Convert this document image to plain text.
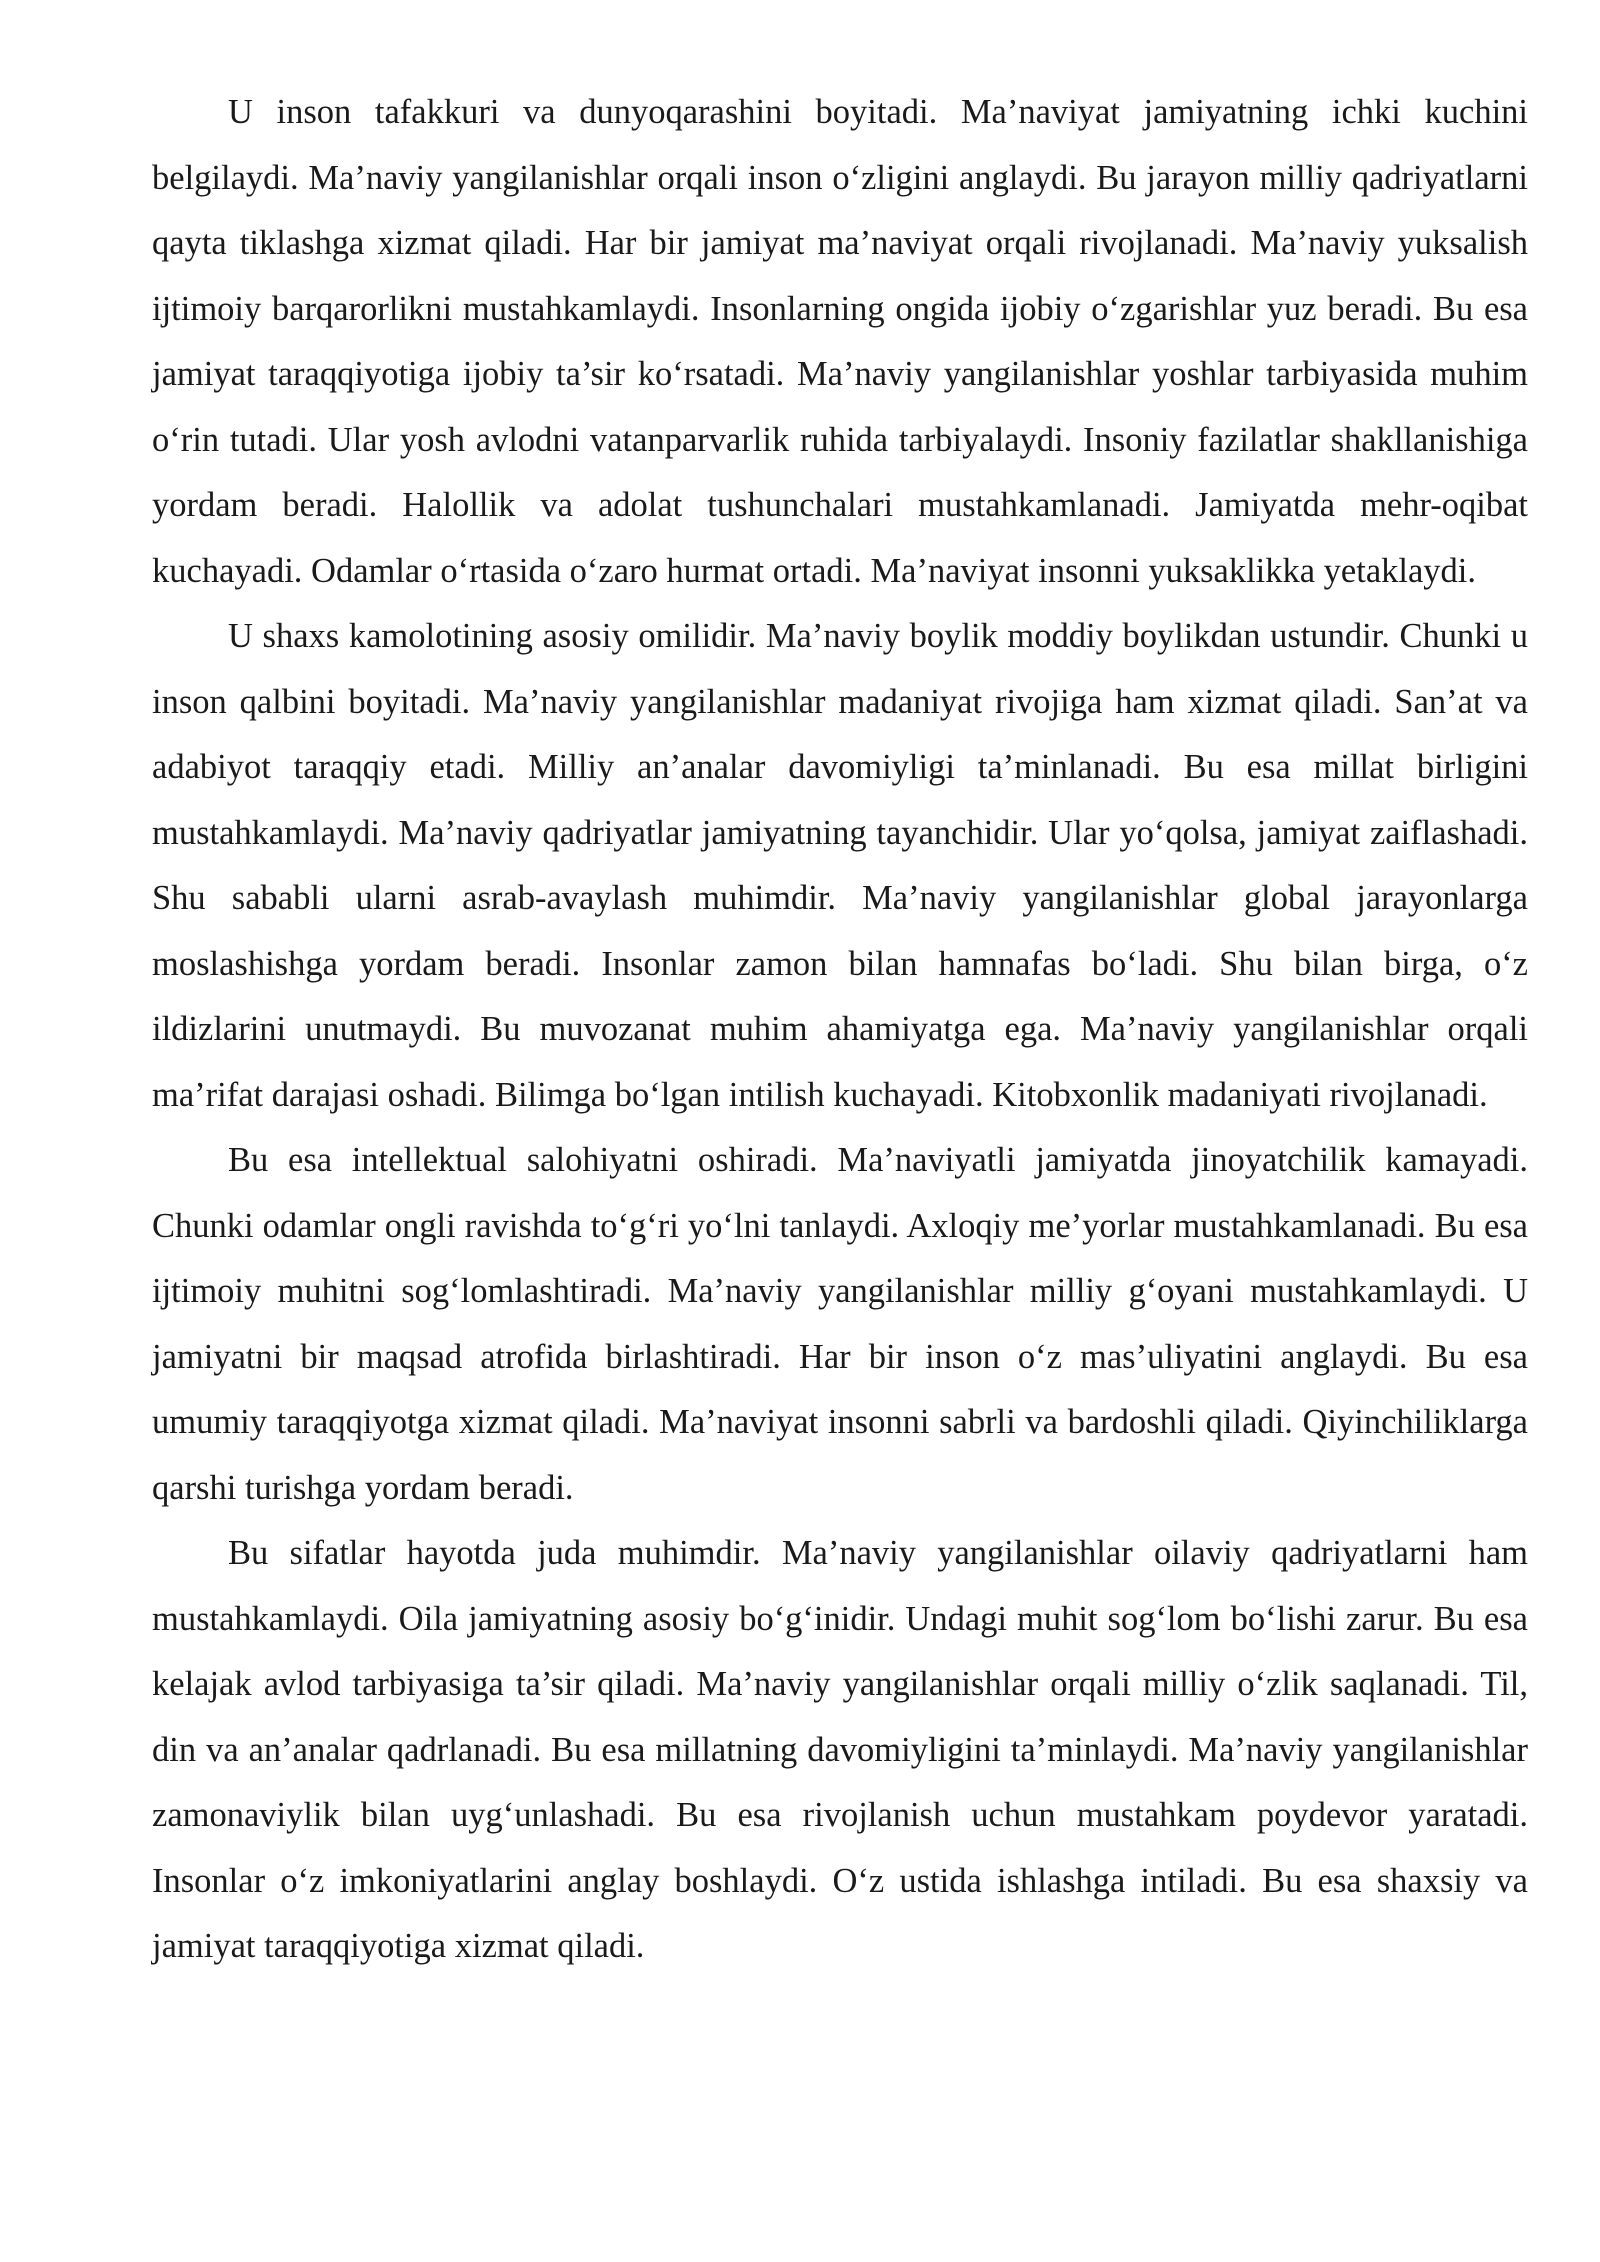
U inson tafakkuri va dunyoqarashini boyitadi. Ma’naviyat jamiyatning ichki kuchini belgilaydi. Ma’naviy yangilanishlar orqali inson o‘zligini anglaydi. Bu jarayon milliy qadriyatlarni qayta tiklashga xizmat qiladi. Har bir jamiyat ma’naviyat orqali rivojlanadi. Ma’naviy yuksalish ijtimoiy barqarorlikni mustahkamlaydi. Insonlarning ongida ijobiy o‘zgarishlar yuz beradi. Bu esa jamiyat taraqqiyotiga ijobiy ta’sir ko‘rsatadi. Ma’naviy yangilanishlar yoshlar tarbiyasida muhim o‘rin tutadi. Ular yosh avlodni vatanparvarlik ruhida tarbiyalaydi. Insoniy fazilatlar shakllanishiga yordam beradi. Halollik va adolat tushunchalari mustahkamlanadi. Jamiyatda mehr-oqibat kuchayadi. Odamlar o‘rtasida o‘zaro hurmat ortadi. Ma’naviyat insonni yuksaklikka yetaklaydi.

U shaxs kamolotining asosiy omilidir. Ma’naviy boylik moddiy boylikdan ustundir. Chunki u inson qalbini boyitadi. Ma’naviy yangilanishlar madaniyat rivojiga ham xizmat qiladi. San’at va adabiyot taraqqiy etadi. Milliy an’analar davomiyligi ta’minlanadi. Bu esa millat birligini mustahkamlaydi. Ma’naviy qadriyatlar jamiyatning tayanchidir. Ular yo‘qolsa, jamiyat zaiflashadi. Shu sababli ularni asrab-avaylash muhimdir. Ma’naviy yangilanishlar global jarayonlarga moslashishga yordam beradi. Insonlar zamon bilan hamnafas bo‘ladi. Shu bilan birga, o‘z ildizlarini unutmaydi. Bu muvozanat muhim ahamiyatga ega. Ma’naviy yangilanishlar orqali ma’rifat darajasi oshadi. Bilimga bo‘lgan intilish kuchayadi. Kitobxonlik madaniyati rivojlanadi.

Bu esa intellektual salohiyatni oshiradi. Ma’naviyatli jamiyatda jinoyatchilik kamayadi. Chunki odamlar ongli ravishda to‘g‘ri yo‘lni tanlaydi. Axloqiy me’yorlar mustahkamlanadi. Bu esa ijtimoiy muhitni sog‘lomlashtiradi. Ma’naviy yangilanishlar milliy g‘oyani mustahkamlaydi. U jamiyatni bir maqsad atrofida birlashtiradi. Har bir inson o‘z mas’uliyatini anglaydi. Bu esa umumiy taraqqiyotga xizmat qiladi. Ma’naviyat insonni sabrli va bardoshli qiladi. Qiyinchiliklarga qarshi turishga yordam beradi.

Bu sifatlar hayotda juda muhimdir. Ma’naviy yangilanishlar oilaviy qadriyatlarni ham mustahkamlaydi. Oila jamiyatning asosiy bo‘g‘inidir. Undagi muhit sog‘lom bo‘lishi zarur. Bu esa kelajak avlod tarbiyasiga ta’sir qiladi. Ma’naviy yangilanishlar orqali milliy o‘zlik saqlanadi. Til, din va an’analar qadrlanadi. Bu esa millatning davomiyligini ta’minlaydi. Ma’naviy yangilanishlar zamonaviylik bilan uyg‘unlashadi. Bu esa rivojlanish uchun mustahkam poydevor yaratadi. Insonlar o‘z imkoniyatlarini anglay boshlaydi. O‘z ustida ishlashga intiladi. Bu esa shaxsiy va jamiyat taraqqiyotiga xizmat qiladi.
